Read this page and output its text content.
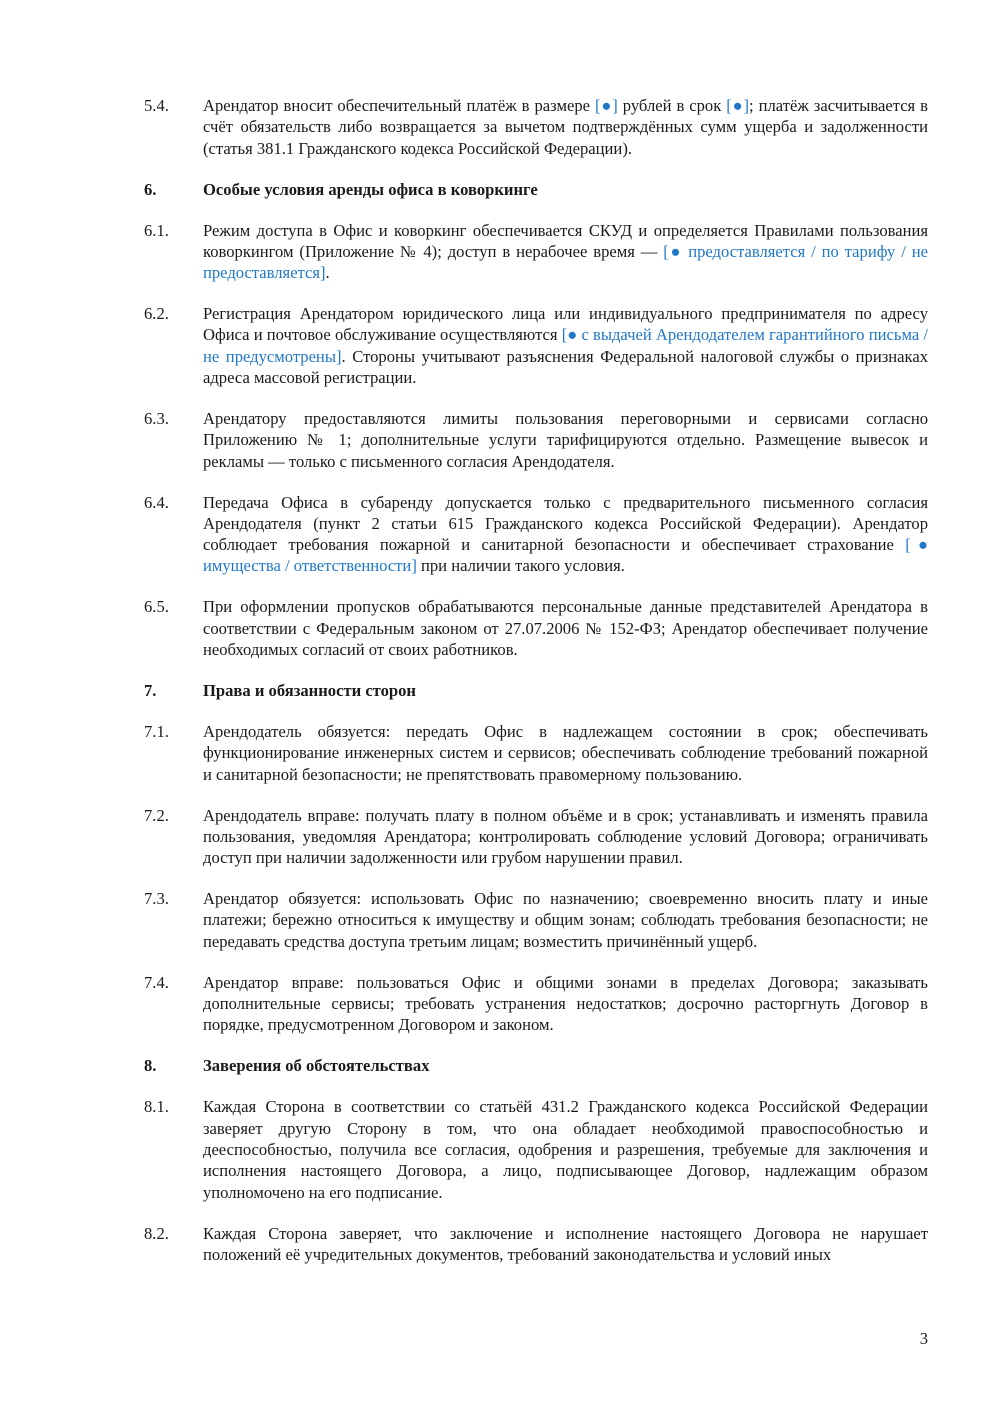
5.4.	Арендатор вносит обеспечительный платёж в размере [●] рублей в срок [●]; платёж засчитывается в счёт обязательств либо возвращается за вычетом подтверждённых сумм ущерба и задолженности (статья 381.1 Гражданского кодекса Российской Федерации).
6.	Особые условия аренды офиса в коворкинге
6.1.	Режим доступа в Офис и коворкинг обеспечивается СКУД и определяется Правилами пользования коворкингом (Приложение № 4); доступ в нерабочее время — [● предоставляется / по тарифу / не предоставляется].
6.2.	Регистрация Арендатором юридического лица или индивидуального предпринимателя по адресу Офиса и почтовое обслуживание осуществляются [● с выдачей Арендодателем гарантийного письма / не предусмотрены]. Стороны учитывают разъяснения Федеральной налоговой службы о признаках адреса массовой регистрации.
6.3.	Арендатору предоставляются лимиты пользования переговорными и сервисами согласно Приложению № 1; дополнительные услуги тарифицируются отдельно. Размещение вывесок и рекламы — только с письменного согласия Арендодателя.
6.4.	Передача Офиса в субаренду допускается только с предварительного письменного согласия Арендодателя (пункт 2 статьи 615 Гражданского кодекса Российской Федерации). Арендатор соблюдает требования пожарной и санитарной безопасности и обеспечивает страхование [● имущества / ответственности] при наличии такого условия.
6.5.	При оформлении пропусков обрабатываются персональные данные представителей Арендатора в соответствии с Федеральным законом от 27.07.2006 № 152-ФЗ; Арендатор обеспечивает получение необходимых согласий от своих работников.
7.	Права и обязанности сторон
7.1.	Арендодатель обязуется: передать Офис в надлежащем состоянии в срок; обеспечивать функционирование инженерных систем и сервисов; обеспечивать соблюдение требований пожарной и санитарной безопасности; не препятствовать правомерному пользованию.
7.2.	Арендодатель вправе: получать плату в полном объёме и в срок; устанавливать и изменять правила пользования, уведомляя Арендатора; контролировать соблюдение условий Договора; ограничивать доступ при наличии задолженности или грубом нарушении правил.
7.3.	Арендатор обязуется: использовать Офис по назначению; своевременно вносить плату и иные платежи; бережно относиться к имуществу и общим зонам; соблюдать требования безопасности; не передавать средства доступа третьим лицам; возместить причинённый ущерб.
7.4.	Арендатор вправе: пользоваться Офис и общими зонами в пределах Договора; заказывать дополнительные сервисы; требовать устранения недостатков; досрочно расторгнуть Договор в порядке, предусмотренном Договором и законом.
8.	Заверения об обстоятельствах
8.1.	Каждая Сторона в соответствии со статьёй 431.2 Гражданского кодекса Российской Федерации заверяет другую Сторону в том, что она обладает необходимой правоспособностью и дееспособностью, получила все согласия, одобрения и разрешения, требуемые для заключения и исполнения настоящего Договора, а лицо, подписывающее Договор, надлежащим образом уполномочено на его подписание.
8.2.	Каждая Сторона заверяет, что заключение и исполнение настоящего Договора не нарушает положений её учредительных документов, требований законодательства и условий иных
3
